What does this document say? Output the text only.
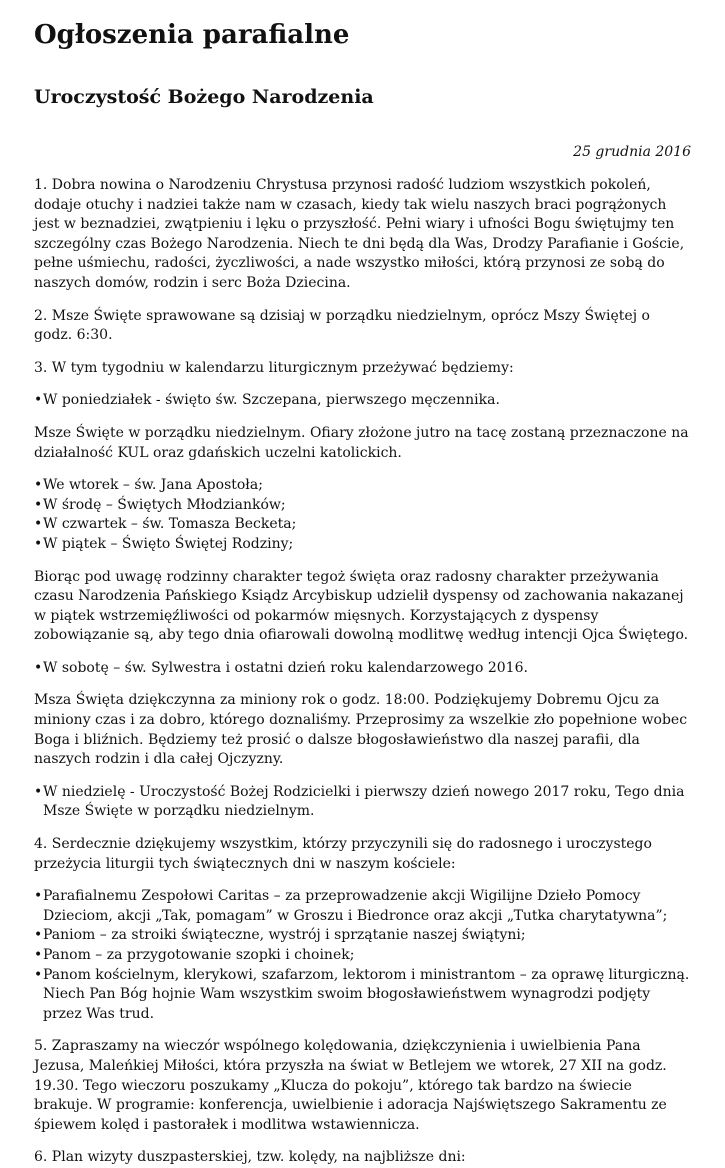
Ogłoszenia parafialne
Uroczystość Bożego Narodzenia
25 grudnia 2016

1. Dobra nowina o Narodzeniu Chrystusa przynosi radość ludziom wszystkich pokoleń, dodaje otuchy i nadziei także nam w czasach, kiedy tak wielu naszych braci pogrążonych jest w beznadziei, zwątpieniu i lęku o przyszłość. Pełni wiary i ufności Bogu świętujmy ten szczególny czas Bożego Narodzenia. Niech te dni będą dla Was, Drodzy Parafianie i Goście, pełne uśmiechu, radości, życzliwości, a nade wszystko miłości, którą przynosi ze sobą do naszych domów, rodzin i serc Boża Dziecina.

2. Msze Święte sprawowane są dzisiaj w porządku niedzielnym, oprócz Mszy Świętej o godz. 6:30.

3. W tym tygodniu w kalendarzu liturgicznym przeżywać będziemy:

•W poniedziałek - święto św. Szczepana, pierwszego męczennika.

Msze Święte w porządku niedzielnym. Ofiary złożone jutro na tacę zostaną przeznaczone na działalność KUL oraz gdańskich uczelni katolickich.

•We wtorek – św. Jana Apostoła;
•W środę – Świętych Młodzianków;
•W czwartek – św. Tomasza Becketa;
•W piątek – Święto Świętej Rodziny;

Biorąc pod uwagę rodzinny charakter tegoż święta oraz radosny charakter przeżywania czasu Narodzenia Pańskiego Ksiądz Arcybiskup udzielił dyspensy od zachowania nakazanej w piątek wstrzemięźliwości od pokarmów mięsnych. Korzystających z dyspensy zobowiązanie są, aby tego dnia ofiarowali dowolną modlitwę według intencji Ojca Świętego.

•W sobotę – św. Sylwestra i ostatni dzień roku kalendarzowego 2016.

Msza Święta dziękczynna za miniony rok o godz. 18:00. Podziękujemy Dobremu Ojcu za miniony czas i za dobro, którego doznaliśmy. Przeprosimy za wszelkie zło popełnione wobec Boga i bliźnich. Będziemy też prosić o dalsze błogosławieństwo dla naszej parafii, dla naszych rodzin i dla całej Ojczyzny.

•W niedzielę - Uroczystość Bożej Rodzicielki i pierwszy dzień nowego 2017 roku, Tego dnia Msze Święte w porządku niedzielnym.

4. Serdecznie dziękujemy wszystkim, którzy przyczynili się do radosnego i uroczystego przeżycia liturgii tych świątecznych dni w naszym kościele:

•Parafialnemu Zespołowi Caritas – za przeprowadzenie akcji Wigilijne Dzieło Pomocy Dzieciom, akcji „Tak, pomagam” w Groszu i Biedronce oraz akcji „Tutka charytatywna”;
•Paniom – za stroiki świąteczne, wystrój i sprzątanie naszej świątyni;
•Panom – za przygotowanie szopki i choinek;
•Panom kościelnym, klerykowi, szafarzom, lektorom i ministrantom – za oprawę liturgiczną. Niech Pan Bóg hojnie Wam wszystkim swoim błogosławieństwem wynagrodzi podjęty przez Was trud.

5. Zapraszamy na wieczór wspólnego kolędowania, dziękczynienia i uwielbienia Pana Jezusa, Maleńkiej Miłości, która przyszła na świat w Betlejem we wtorek, 27 XII na godz. 19.30. Tego wieczoru poszukamy „Klucza do pokoju”, którego tak bardzo na świecie brakuje. W programie: konferencja, uwielbienie i adoracja Najświętszego Sakramentu ze śpiewem kolęd i pastorałek i modlitwa wstawiennicza.

6. Plan wizyty duszpasterskiej, tzw. kolędy, na najbliższe dni:
